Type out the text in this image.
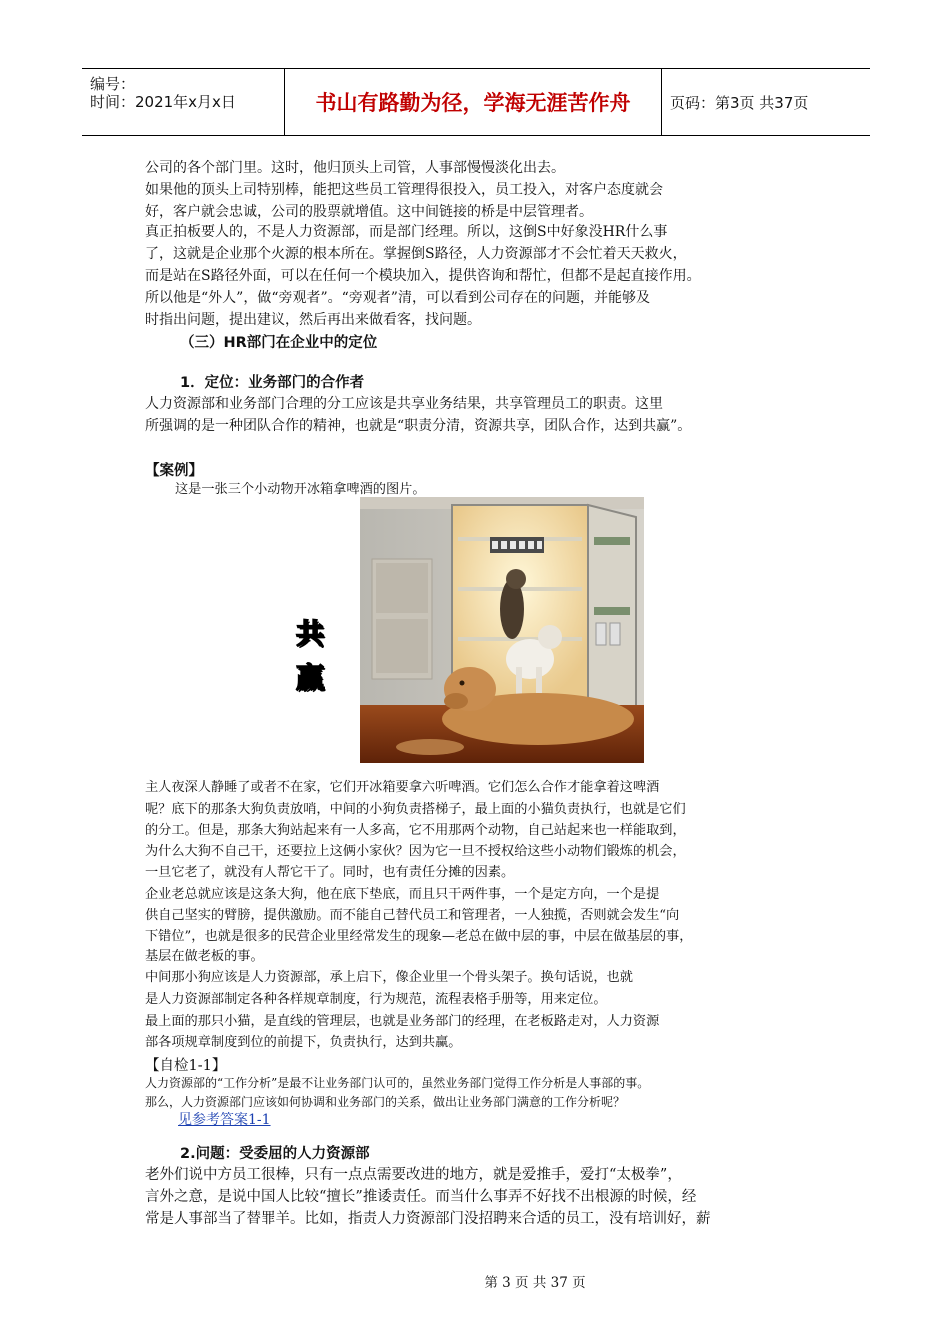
编号：
时间：2021年x月x日	书山有路勤为径，学海无涯苦作舟	页码：第3页 共37页

公司的各个部门里。这时，他归顶头上司管，人事部慢慢淡化出去。

如果他的顶头上司特别棒，能把这些员工管理得很投入，员工投入，对客户态度就会

好，客户就会忠诚，公司的股票就增值。这中间链接的桥是中层管理者。

真正拍板要人的，不是人力资源部，而是部门经理。所以，这倒S中好象没HR什么事

了，这就是企业那个火源的根本所在。掌握倒S路径，人力资源部才不会忙着天天救火，

而是站在S路径外面，可以在任何一个模块加入，提供咨询和帮忙，但都不是起直接作用。

所以他是“外人”，做“旁观者”。“旁观者”清，可以看到公司存在的问题，并能够及

时指出问题，提出建议，然后再出来做看客，找问题。

（三）HR部门在企业中的定位

1．定位：业务部门的合作者

人力资源部和业务部门合理的分工应该是共享业务结果，共享管理员工的职责。这里

所强调的是一种团队合作的精神，也就是“职责分清，资源共享，团队合作，达到共赢”。

【案例】

这是一张三个小动物开冰箱拿啤酒的图片。

共
赢

主人夜深人静睡了或者不在家，它们开冰箱要拿六听啤酒。它们怎么合作才能拿着这啤酒

呢？底下的那条大狗负责放哨，中间的小狗负责搭梯子，最上面的小猫负责执行，也就是它们

的分工。但是，那条大狗站起来有一人多高，它不用那两个动物，自己站起来也一样能取到，

为什么大狗不自己干，还要拉上这俩小家伙？因为它一旦不授权给这些小动物们锻炼的机会，

一旦它老了，就没有人帮它干了。同时，也有责任分摊的因素。

企业老总就应该是这条大狗，他在底下垫底，而且只干两件事，一个是定方向，一个是提

供自己坚实的臂膀，提供激励。而不能自己替代员工和管理者，一人独揽，否则就会发生“向

下错位”，也就是很多的民营企业里经常发生的现象—老总在做中层的事，中层在做基层的事，

基层在做老板的事。

中间那小狗应该是人力资源部，承上启下，像企业里一个骨头架子。换句话说，也就

是人力资源部制定各种各样规章制度，行为规范，流程表格手册等，用来定位。

最上面的那只小猫，是直线的管理层，也就是业务部门的经理，在老板路走对，人力资源

部各项规章制度到位的前提下，负责执行，达到共赢。

【自检1-1】

人力资源部的“工作分析”是最不让业务部门认可的，虽然业务部门觉得工作分析是人事部的事。

那么，人力资源部门应该如何协调和业务部门的关系，做出让业务部门满意的工作分析呢？

见参考答案1-1

2.问题：受委屈的人力资源部

老外们说中方员工很棒，只有一点点需要改进的地方，就是爱推手，爱打“太极拳”，

言外之意，是说中国人比较“擅长”推诿责任。而当什么事弄不好找不出根源的时候，经

常是人事部当了替罪羊。比如，指责人力资源部门没招聘来合适的员工，没有培训好，薪

第 3 页 共 37 页
